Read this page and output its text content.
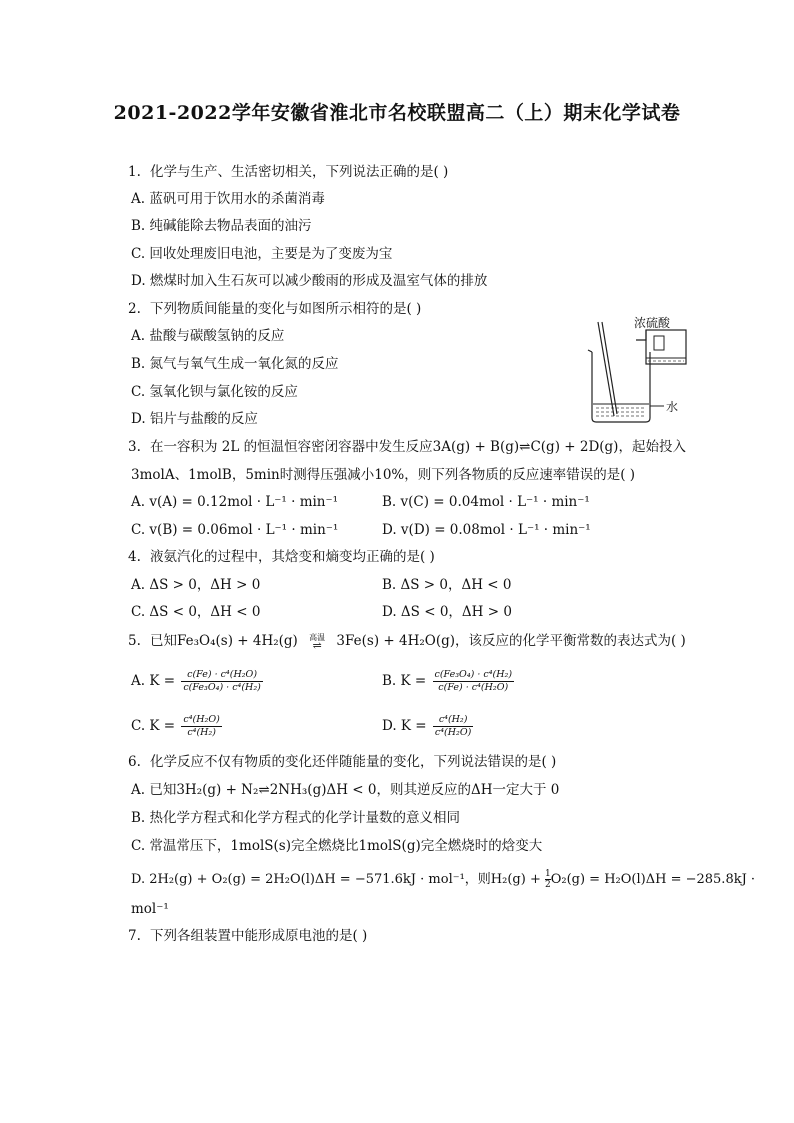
2021-2022学年安徽省淮北市名校联盟高二（上）期末化学试卷
1. 化学与生产、生活密切相关，下列说法正确的是( )
A. 蓝矾可用于饮用水的杀菌消毒
B. 纯碱能除去物品表面的油污
C. 回收处理废旧电池，主要是为了变废为宝
D. 燃煤时加入生石灰可以减少酸雨的形成及温室气体的排放
2. 下列物质间能量的变化与如图所示相符的是( )
A. 盐酸与碳酸氢钠的反应
B. 氮气与氧气生成一氧化氮的反应
C. 氢氧化钡与氯化铵的反应
D. 铝片与盐酸的反应
浓硫酸
水
3. 在一容积为 2L 的恒温恒容密闭容器中发生反应3A(g) + B(g)⇌C(g) + 2D(g)，起始投入
3molA、1molB，5min时测得压强减小10%，则下列各物质的反应速率错误的是( )
A. v(A) = 0.12mol · L⁻¹ · min⁻¹	B. v(C) = 0.04mol · L⁻¹ · min⁻¹
C. v(B) = 0.06mol · L⁻¹ · min⁻¹	D. v(D) = 0.08mol · L⁻¹ · min⁻¹
4. 液氨汽化的过程中，其焓变和熵变均正确的是( )
A. ΔS > 0，ΔH > 0	B. ΔS > 0，ΔH < 0
C. ΔS < 0，ΔH < 0	D. ΔS < 0，ΔH > 0
5. 已知Fe₃O₄(s) + 4H₂(g)	高温
⇌	3Fe(s) + 4H₂O(g)，该反应的化学平衡常数的表达式为( )
A. $K = \frac{\text{c(Fe) · c⁴(H₂O)}}{\text{c(Fe₃O₄) · c⁴(H₂)}}$	B. $K = \frac{\text{c(Fe₃O₄) · c⁴(H₂)}}{\text{c(Fe) · c⁴(H₂O)}}$
C. $K = \frac{\text{c⁴(H₂O)}}{\text{c⁴(H₂)}}$	D. $K = \frac{\text{c⁴(H₂)}}{\text{c⁴(H₂O)}}$
6. 化学反应不仅有物质的变化还伴随能量的变化，下列说法错误的是( )
A. 已知3H₂(g) + N₂⇌2NH₃(g)ΔH < 0，则其逆反应的ΔH一定大于 0
B. 热化学方程式和化学方程式的化学计量数的意义相同
C. 常温常压下，1molS(s)完全燃烧比1molS(g)完全燃烧时的焓变大
D. 2H₂(g) + O₂(g) = 2H₂O(l)ΔH = −571.6kJ · mol⁻¹，则$H_2(g) + \frac{1}{2}O_2(g) = H_2O(l)\Delta H = -285.8kJ$ ·
mol⁻¹
7. 下列各组装置中能形成原电池的是( )
